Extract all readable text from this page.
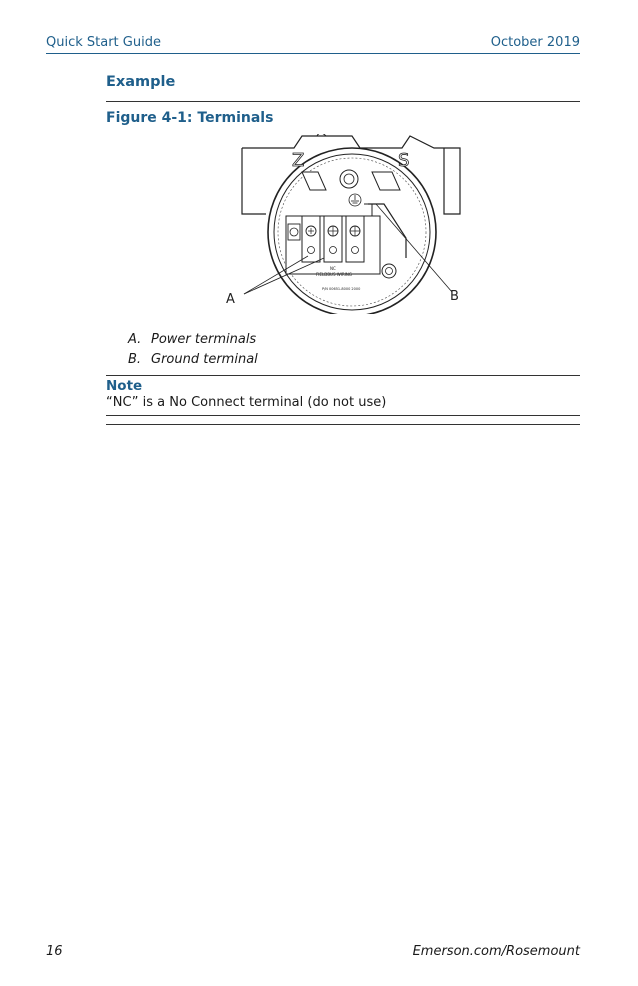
Quick Start Guide	October 2019
Example
Figure 4-1: Terminals
Z	S
NC
FIELDBUS WIRING
P/N 00651-8000 2000
A	B
A. Power terminals
B. Ground terminal
Note
“NC” is a No Connect terminal (do not use)
16	Emerson.com/Rosemount
